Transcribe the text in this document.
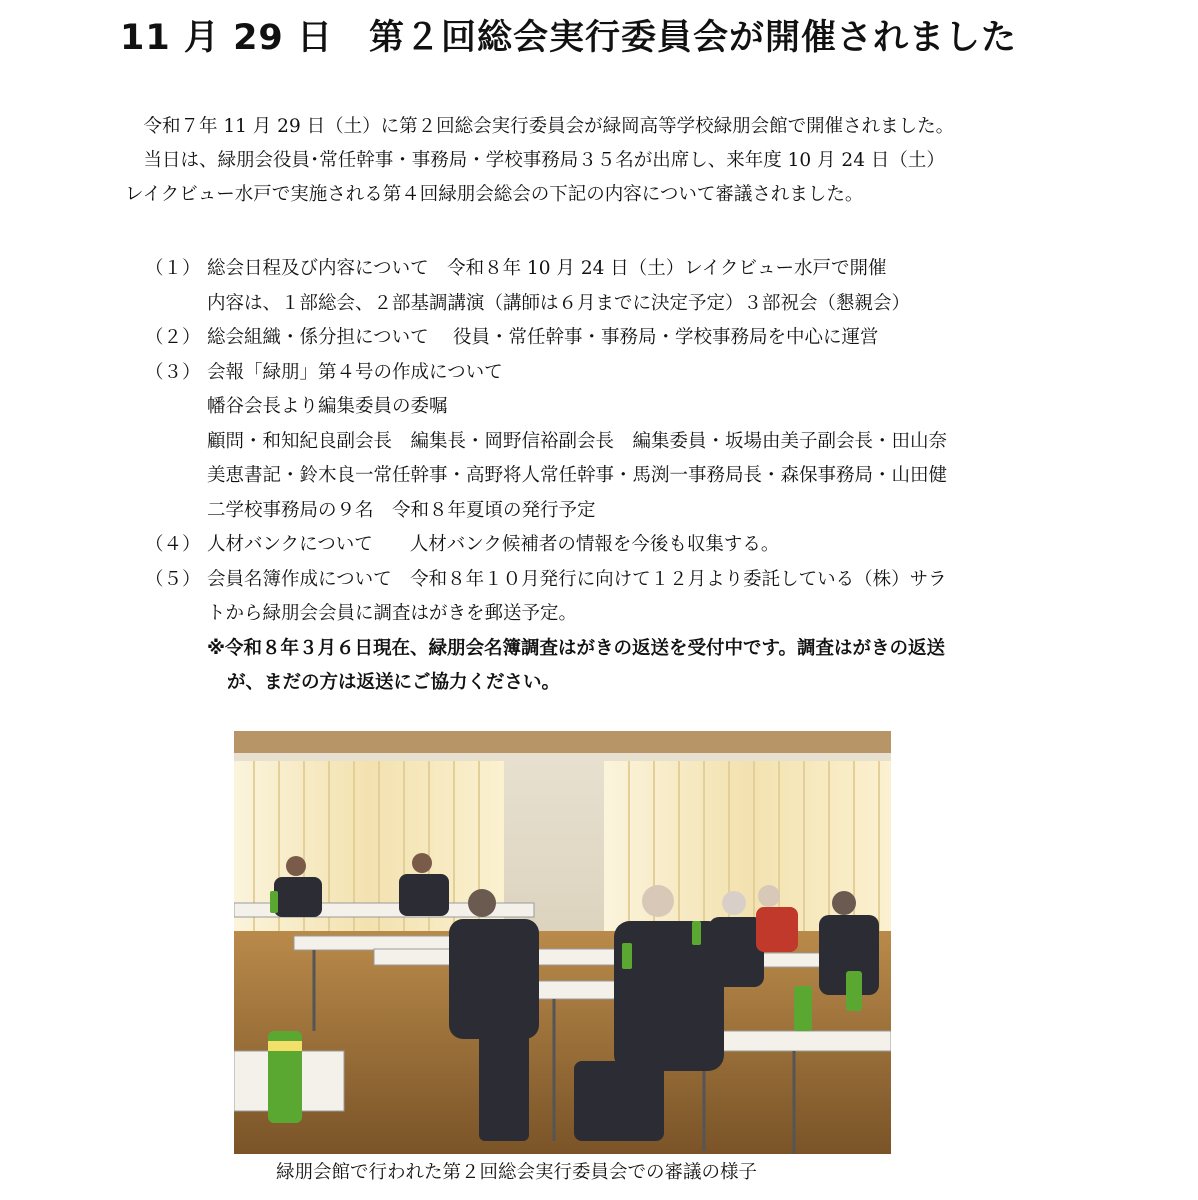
11 月 29 日　第２回総会実行委員会が開催されました
　令和７年 11 月 29 日（土）に第２回総会実行委員会が緑岡高等学校緑朋会館で開催されました。
　当日は、緑朋会役員･常任幹事・事務局・学校事務局３５名が出席し、来年度 10 月 24 日（土）
レイクビュー水戸で実施される第４回緑朋会総会の下記の内容について審議されました。
（１） 総会日程及び内容について　令和８年 10 月 24 日（土）レイクビュー水戸で開催
内容は、１部総会、２部基調講演（講師は６月までに決定予定）３部祝会（懇親会）
（２） 総会組織・係分担について　 役員・常任幹事・事務局・学校事務局を中心に運営
（３） 会報「緑朋」第４号の作成について
幡谷会長より編集委員の委嘱
顧問・和知紀良副会長　編集長・岡野信裕副会長　編集委員・坂場由美子副会長・田山奈
美恵書記・鈴木良一常任幹事・高野将人常任幹事・馬渕一事務局長・森保事務局・山田健
二学校事務局の９名　令和８年夏頃の発行予定
（４） 人材バンクについて　　人材バンク候補者の情報を今後も収集する。
（５） 会員名簿作成について　令和８年１０月発行に向けて１２月より委託している（株）サラ
トから緑朋会会員に調査はがきを郵送予定。
※令和８年３月６日現在、緑朋会名簿調査はがきの返送を受付中です。調査はがきの返送
が、まだの方は返送にご協力ください。
緑朋会館で行われた第２回総会実行委員会での審議の様子
